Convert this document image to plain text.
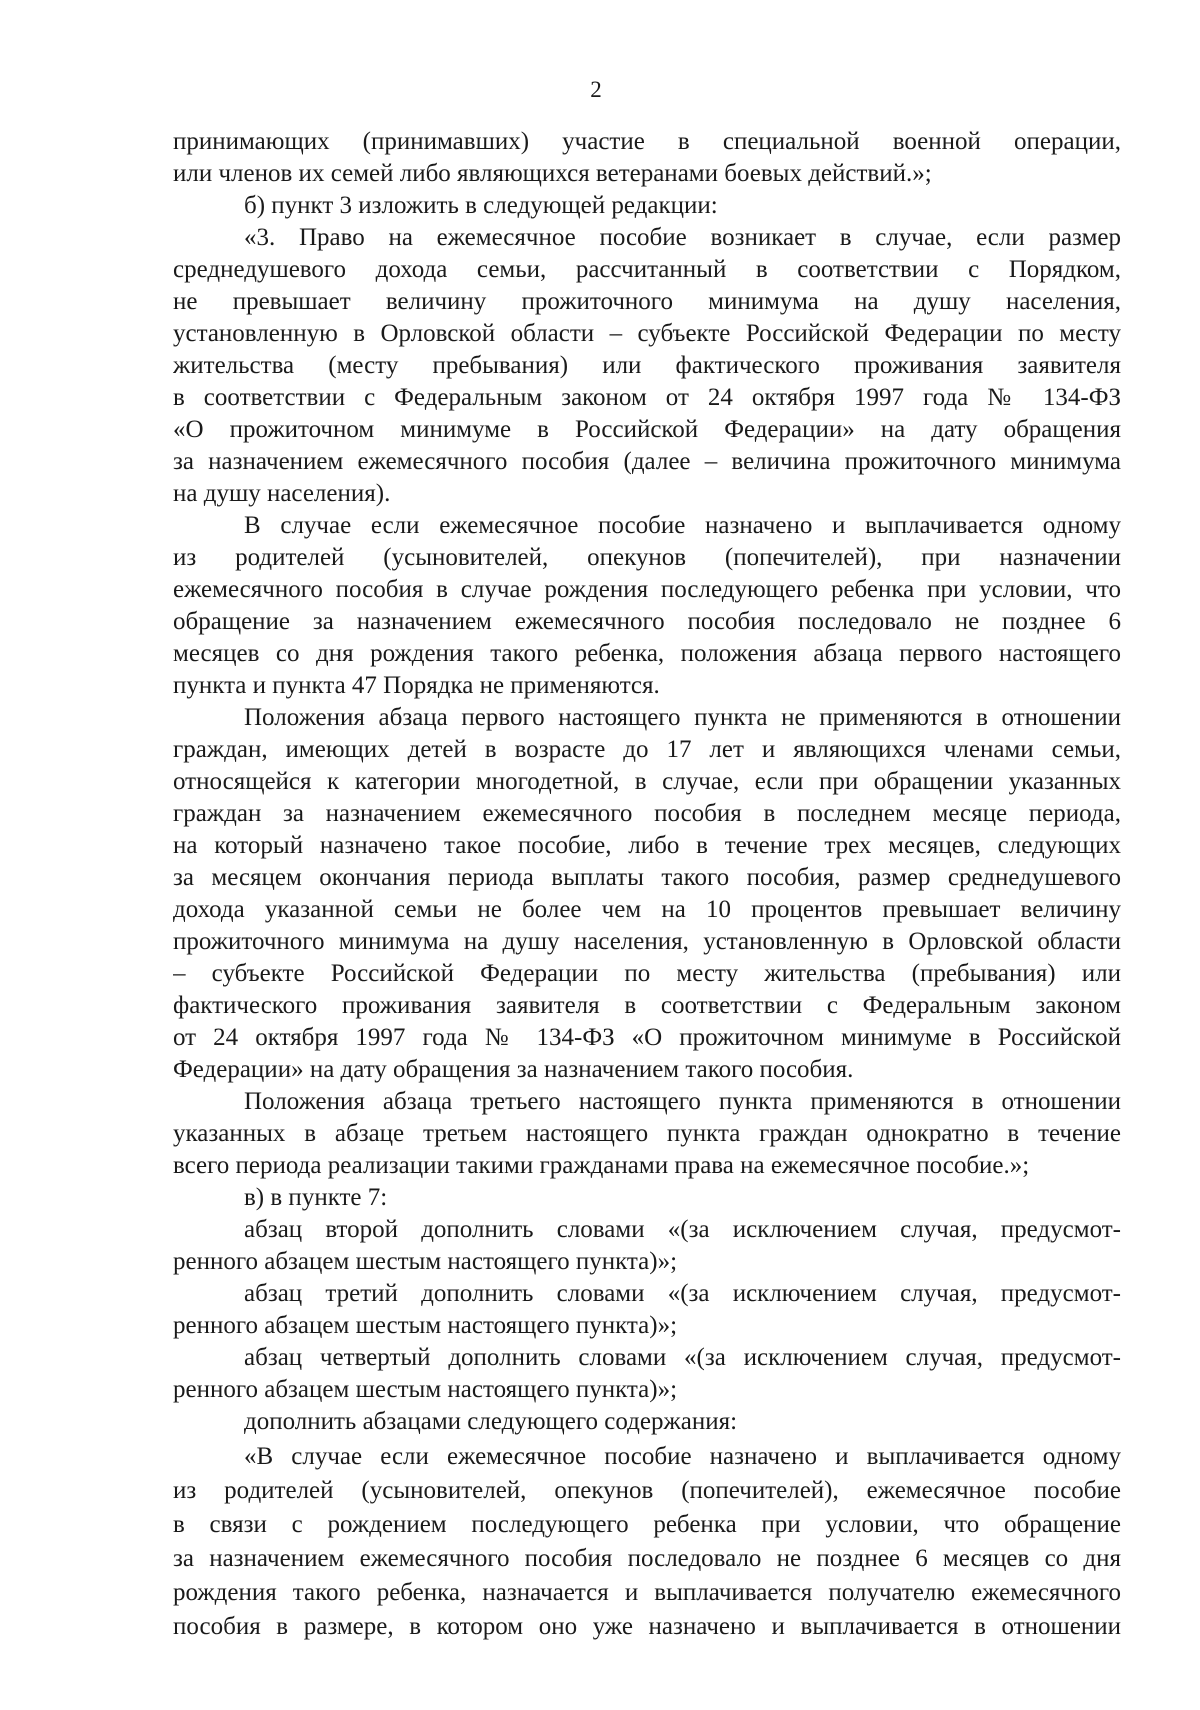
2
принимающих (принимавших) участие в специальной военной операции,
или членов их семей либо являющихся ветеранами боевых действий.»;
б) пункт 3 изложить в следующей редакции:
«3. Право на ежемесячное пособие возникает в случае, если размер
среднедушевого дохода семьи, рассчитанный в соответствии с Порядком,
не превышает величину прожиточного минимума на душу населения,
установленную в Орловской области – субъекте Российской Федерации по месту
жительства (месту пребывания) или фактического проживания заявителя
в соответствии с Федеральным законом от 24 октября 1997 года № 134-ФЗ
«О прожиточном минимуме в Российской Федерации» на дату обращения
за назначением ежемесячного пособия (далее – величина прожиточного минимума
на душу населения).
В случае если ежемесячное пособие назначено и выплачивается одному
из родителей (усыновителей, опекунов (попечителей), при назначении
ежемесячного пособия в случае рождения последующего ребенка при условии, что
обращение за назначением ежемесячного пособия последовало не позднее 6
месяцев со дня рождения такого ребенка, положения абзаца первого настоящего
пункта и пункта 47 Порядка не применяются.
Положения абзаца первого настоящего пункта не применяются в отношении
граждан, имеющих детей в возрасте до 17 лет и являющихся членами семьи,
относящейся к категории многодетной, в случае, если при обращении указанных
граждан за назначением ежемесячного пособия в последнем месяце периода,
на который назначено такое пособие, либо в течение трех месяцев, следующих
за месяцем окончания периода выплаты такого пособия, размер среднедушевого
дохода указанной семьи не более чем на 10 процентов превышает величину
прожиточного минимума на душу населения, установленную в Орловской области
– субъекте Российской Федерации по месту жительства (пребывания) или
фактического проживания заявителя в соответствии с Федеральным законом
от 24 октября 1997 года № 134-ФЗ «О прожиточном минимуме в Российской
Федерации» на дату обращения за назначением такого пособия.
Положения абзаца третьего настоящего пункта применяются в отношении
указанных в абзаце третьем настоящего пункта граждан однократно в течение
всего периода реализации такими гражданами права на ежемесячное пособие.»;
в) в пункте 7:
абзац второй дополнить словами «(за исключением случая, предусмот-
ренного абзацем шестым настоящего пункта)»;
абзац третий дополнить словами «(за исключением случая, предусмот-
ренного абзацем шестым настоящего пункта)»;
абзац четвертый дополнить словами «(за исключением случая, предусмот-
ренного абзацем шестым настоящего пункта)»;
дополнить абзацами следующего содержания:
«В случае если ежемесячное пособие назначено и выплачивается одному
из родителей (усыновителей, опекунов (попечителей), ежемесячное пособие
в связи с рождением последующего ребенка при условии, что обращение
за назначением ежемесячного пособия последовало не позднее 6 месяцев со дня
рождения такого ребенка, назначается и выплачивается получателю ежемесячного
пособия в размере, в котором оно уже назначено и выплачивается в отношении
